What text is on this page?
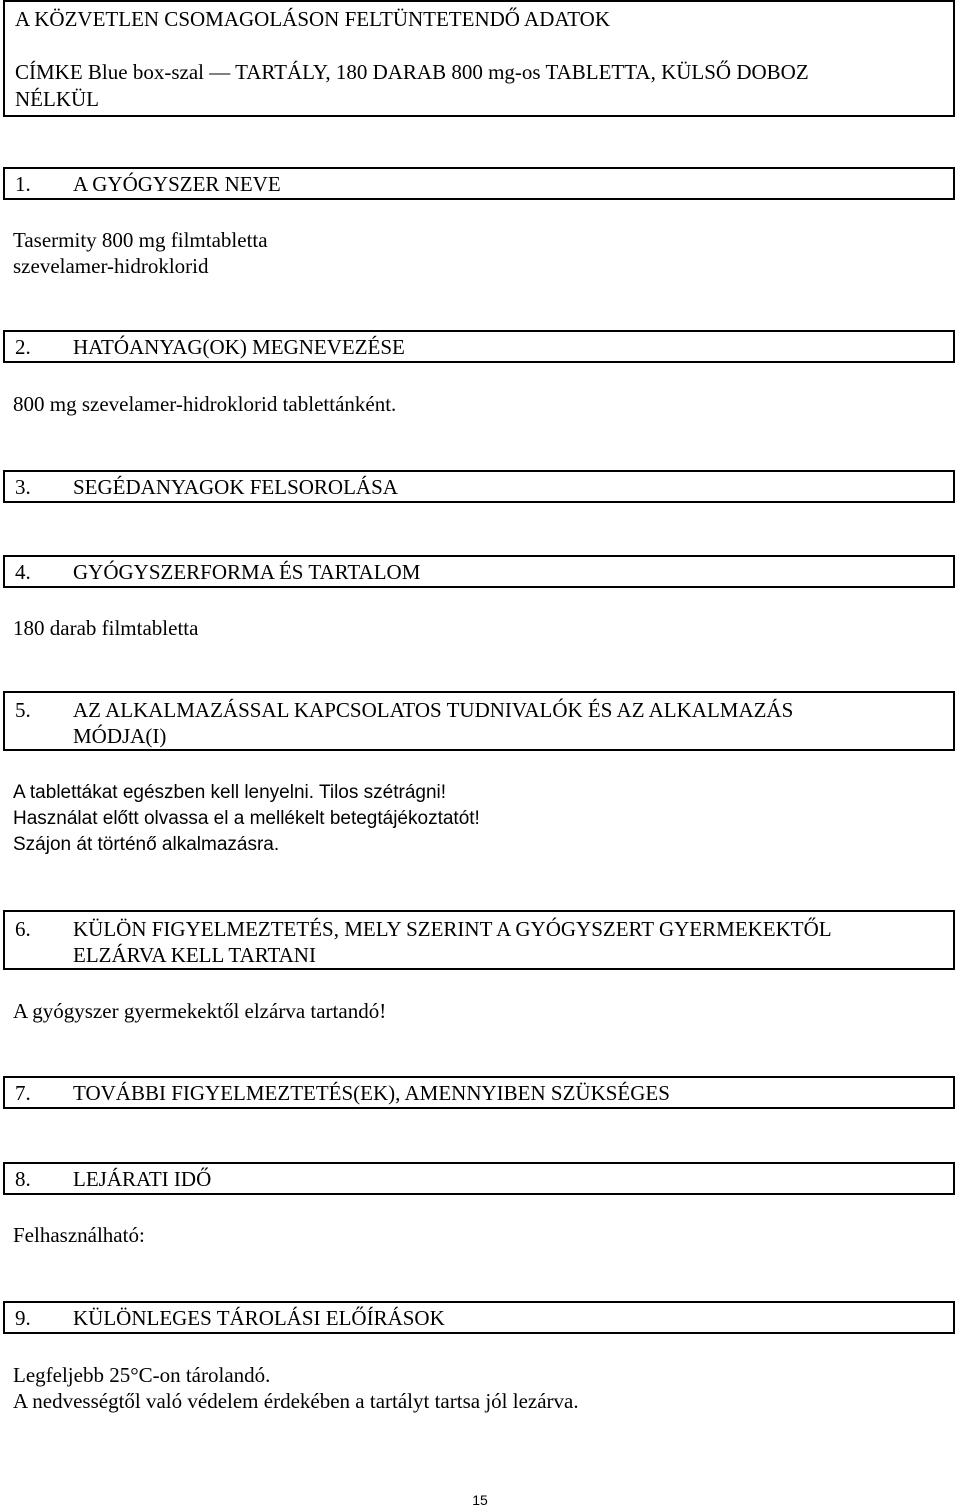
A KÖZVETLEN CSOMAGOLÁSON FELTÜNTETENDŐ ADATOK
CÍMKE Blue box-szal — TARTÁLY, 180 DARAB 800 mg-os TABLETTA, KÜLSŐ DOBOZ
NÉLKÜL
1. A GYÓGYSZER NEVE
Tasermity 800 mg filmtabletta
szevelamer-hidroklorid
2. HATÓANYAG(OK) MEGNEVEZÉSE
800 mg szevelamer-hidroklorid tablettánként.
3. SEGÉDANYAGOK FELSOROLÁSA
4. GYÓGYSZERFORMA ÉS TARTALOM
180 darab filmtabletta
5. AZ ALKALMAZÁSSAL KAPCSOLATOS TUDNIVALÓK ÉS AZ ALKALMAZÁS
MÓDJA(I)
A tablettákat egészben kell lenyelni. Tilos szétrágni!
Használat előtt olvassa el a mellékelt betegtájékoztatót!
Szájon át történő alkalmazásra.
6. KÜLÖN FIGYELMEZTETÉS, MELY SZERINT A GYÓGYSZERT GYERMEKEKTŐL
ELZÁRVA KELL TARTANI
A gyógyszer gyermekektől elzárva tartandó!
7. TOVÁBBI FIGYELMEZTETÉS(EK), AMENNYIBEN SZÜKSÉGES
8. LEJÁRATI IDŐ
Felhasználható:
9. KÜLÖNLEGES TÁROLÁSI ELŐÍRÁSOK
Legfeljebb 25°C-on tárolandó.
A nedvességtől való védelem érdekében a tartályt tartsa jól lezárva.
15
